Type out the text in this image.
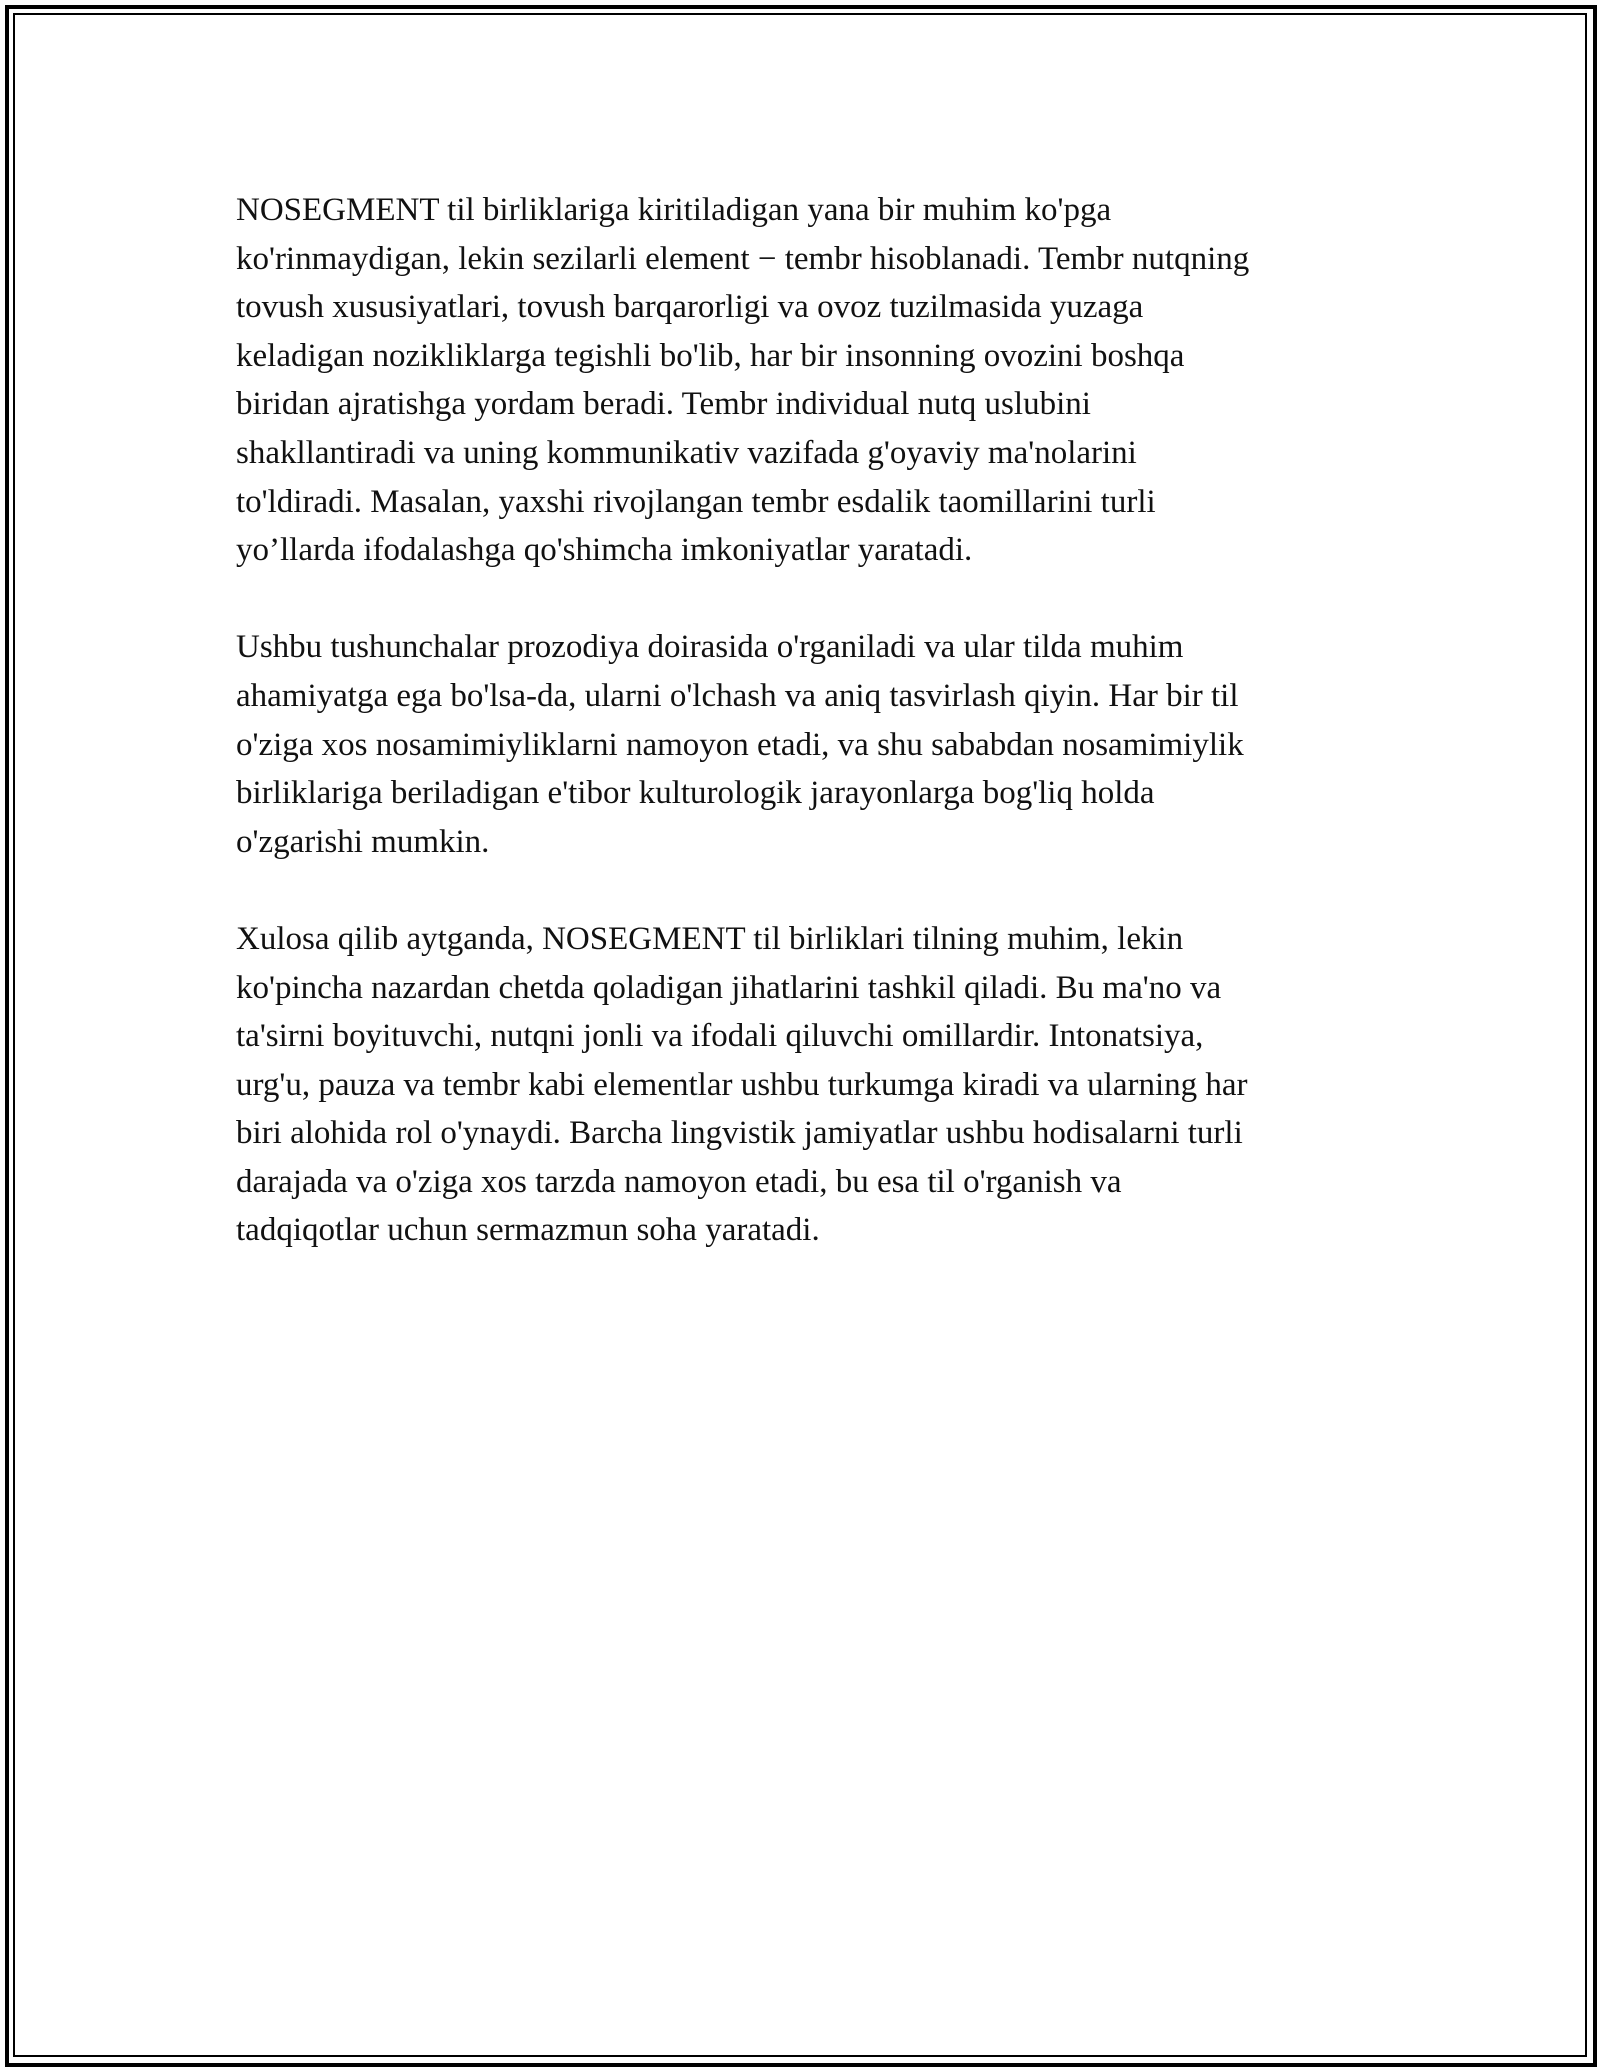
NOSEGMENT til birliklariga kiritiladigan yana bir muhim ko'pga
ko'rinmaydigan, lekin sezilarli element − tembr hisoblanadi. Tembr nutqning
tovush xususiyatlari, tovush barqarorligi va ovoz tuzilmasida yuzaga
keladigan nozikliklarga tegishli bo'lib, har bir insonning ovozini boshqa
biridan ajratishga yordam beradi. Tembr individual nutq uslubini
shakllantiradi va uning kommunikativ vazifada g'oyaviy ma'nolarini
to'ldiradi. Masalan, yaxshi rivojlangan tembr esdalik taomillarini turli
yo’llarda ifodalashga qo'shimcha imkoniyatlar yaratadi.

Ushbu tushunchalar prozodiya doirasida o'rganiladi va ular tilda muhim
ahamiyatga ega bo'lsa-da, ularni o'lchash va aniq tasvirlash qiyin. Har bir til
o'ziga xos nosamimiyliklarni namoyon etadi, va shu sababdan nosamimiylik
birliklariga beriladigan e'tibor kulturologik jarayonlarga bog'liq holda
o'zgarishi mumkin.

Xulosa qilib aytganda, NOSEGMENT til birliklari tilning muhim, lekin
ko'pincha nazardan chetda qoladigan jihatlarini tashkil qiladi. Bu ma'no va
ta'sirni boyituvchi, nutqni jonli va ifodali qiluvchi omillardir. Intonatsiya,
urg'u, pauza va tembr kabi elementlar ushbu turkumga kiradi va ularning har
biri alohida rol o'ynaydi. Barcha lingvistik jamiyatlar ushbu hodisalarni turli
darajada va o'ziga xos tarzda namoyon etadi, bu esa til o'rganish va
tadqiqotlar uchun sermazmun soha yaratadi.
